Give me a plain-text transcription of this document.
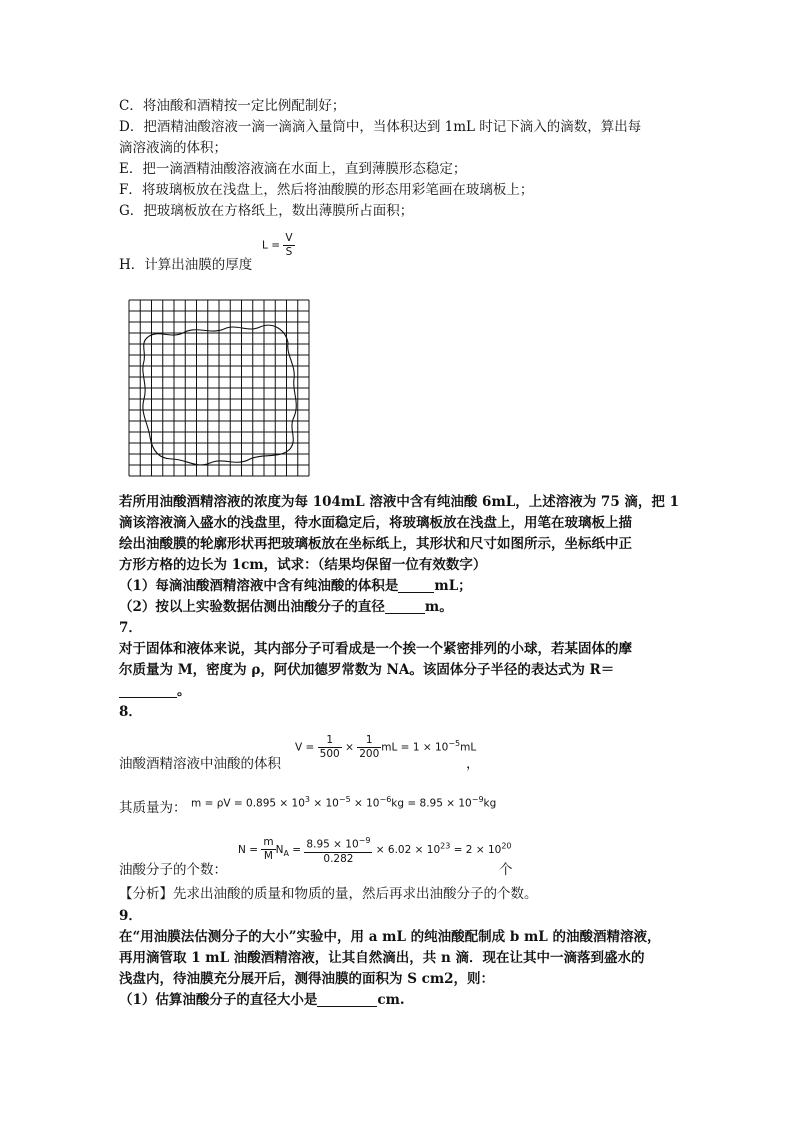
C．将油酸和酒精按一定比例配制好；
D．把酒精油酸溶液一滴一滴滴入量筒中，当体积达到 1mL 时记下滴入的滴数，算出每
滴溶液滴的体积；
E．把一滴酒精油酸溶液滴在水面上，直到薄膜形态稳定；
F．将玻璃板放在浅盘上，然后将油酸膜的形态用彩笔画在玻璃板上；
G．把玻璃板放在方格纸上，数出薄膜所占面积；
H．计算出油膜的厚度
$L = \frac{V}{S}$
若所用油酸酒精溶液的浓度为每 104mL 溶液中含有纯油酸 6mL，上述溶液为 75 滴，把 1
滴该溶液滴入盛水的浅盘里，待水面稳定后，将玻璃板放在浅盘上，用笔在玻璃板上描
绘出油酸膜的轮廓形状再把玻璃板放在坐标纸上，其形状和尺寸如图所示，坐标纸中正
方形方格的边长为 1cm，试求：（结果均保留一位有效数字）
（1）每滴油酸酒精溶液中含有纯油酸的体积是	mL；
（2）按以上实验数据估测出油酸分子的直径	m。
7．
对于固体和液体来说，其内部分子可看成是一个挨一个紧密排列的小球，若某固体的摩
尔质量为 M，密度为 ρ，阿伏加德罗常数为 NA。该固体分子半径的表达式为 R＝
。
8．
油酸酒精溶液中油酸的体积
$V = \frac{1}{500} \times \frac{1}{200}$ mL = $1 \times 10^{-5}mL$
，
其质量为： $m = \rho V = 0.895 \times 10^3 \times 10^{-5} \times 10^{-6}kg = 8.95 \times 10^{-9}kg$
油酸分子的个数：
$N = \frac{m}{M} N_A = \frac{8.95 \times 10^{-9}}{0.282} \times 6.02 \times 10^{23} = 2 \times 10^{20}$
个
【分析】先求出油酸的质量和物质的量，然后再求出油酸分子的个数。
9．
在“用油膜法估测分子的大小”实验中，用 a mL 的纯油酸配制成 b mL 的油酸酒精溶液，
再用滴管取 1 mL 油酸酒精溶液，让其自然滴出，共 n 滴．现在让其中一滴落到盛水的
浅盘内，待油膜充分展开后，测得油膜的面积为 S cm2，则：
（1）估算油酸分子的直径大小是	cm.
